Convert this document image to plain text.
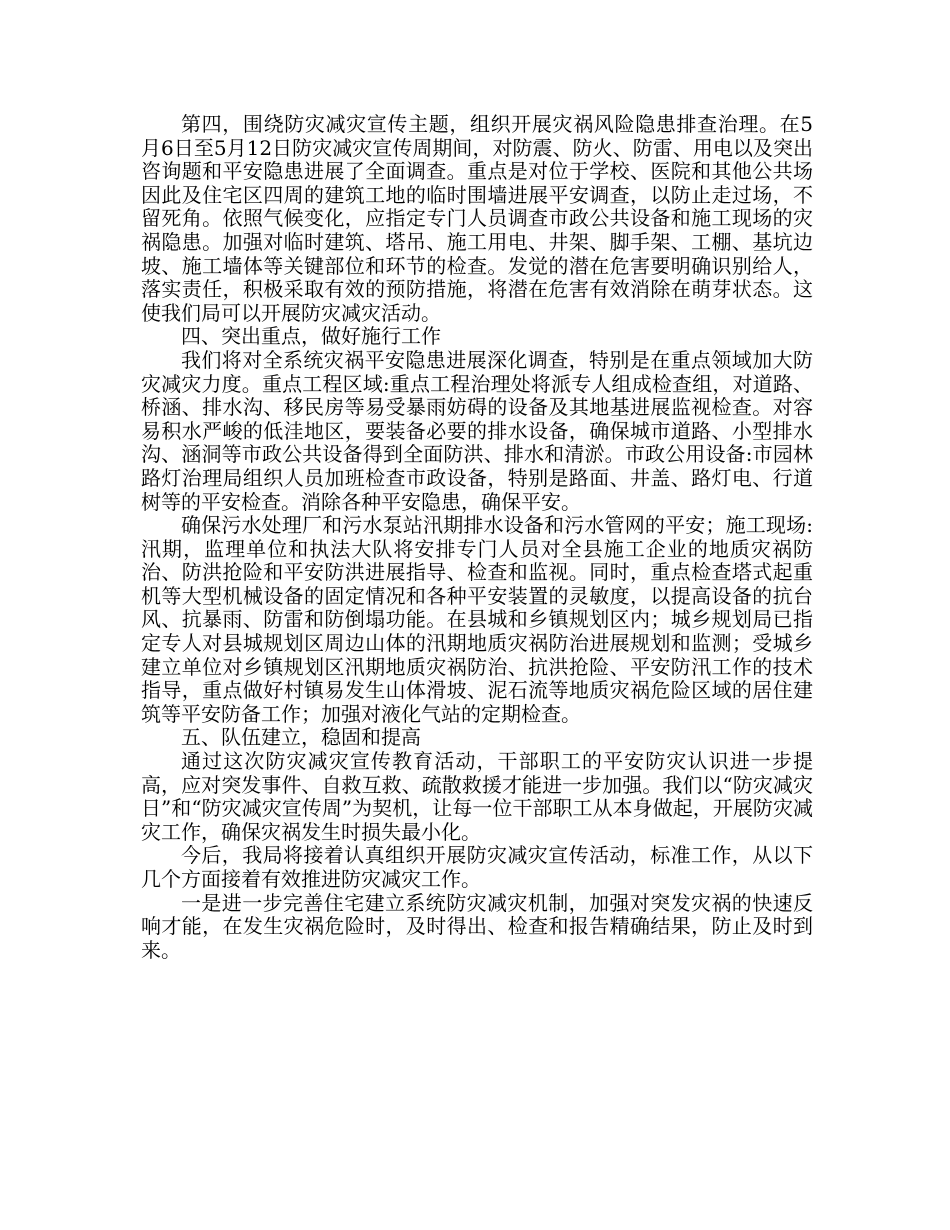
第四，围绕防灾减灾宣传主题，组织开展灾祸风险隐患排查治理。在5月6日至5月12日防灾减灾宣传周期间，对防震、防火、防雷、用电以及突出咨询题和平安隐患进展了全面调查。重点是对位于学校、医院和其他公共场因此及住宅区四周的建筑工地的临时围墙进展平安调查，以防止走过场，不留死角。依照气候变化，应指定专门人员调查市政公共设备和施工现场的灾祸隐患。加强对临时建筑、塔吊、施工用电、井架、脚手架、工棚、基坑边坡、施工墙体等关键部位和环节的检查。发觉的潜在危害要明确识别给人，落实责任，积极采取有效的预防措施，将潜在危害有效消除在萌芽状态。这使我们局可以开展防灾减灾活动。

四、突出重点，做好施行工作

我们将对全系统灾祸平安隐患进展深化调查，特别是在重点领域加大防灾减灾力度。重点工程区域:重点工程治理处将派专人组成检查组，对道路、桥涵、排水沟、移民房等易受暴雨妨碍的设备及其地基进展监视检查。对容易积水严峻的低洼地区，要装备必要的排水设备，确保城市道路、小型排水沟、涵洞等市政公共设备得到全面防洪、排水和清淤。市政公用设备:市园林路灯治理局组织人员加班检查市政设备，特别是路面、井盖、路灯电、行道树等的平安检查。消除各种平安隐患，确保平安。

确保污水处理厂和污水泵站汛期排水设备和污水管网的平安；施工现场:汛期，监理单位和执法大队将安排专门人员对全县施工企业的地质灾祸防治、防洪抢险和平安防洪进展指导、检查和监视。同时，重点检查塔式起重机等大型机械设备的固定情况和各种平安装置的灵敏度，以提高设备的抗台风、抗暴雨、防雷和防倒塌功能。在县城和乡镇规划区内；城乡规划局已指定专人对县城规划区周边山体的汛期地质灾祸防治进展规划和监测；受城乡建立单位对乡镇规划区汛期地质灾祸防治、抗洪抢险、平安防汛工作的技术指导，重点做好村镇易发生山体滑坡、泥石流等地质灾祸危险区域的居住建筑等平安防备工作；加强对液化气站的定期检查。

五、队伍建立，稳固和提高

通过这次防灾减灾宣传教育活动，干部职工的平安防灾认识进一步提高，应对突发事件、自救互救、疏散救援才能进一步加强。我们以“防灾减灾日”和“防灾减灾宣传周”为契机，让每一位干部职工从本身做起，开展防灾减灾工作，确保灾祸发生时损失最小化。

今后，我局将接着认真组织开展防灾减灾宣传活动，标准工作，从以下几个方面接着有效推进防灾减灾工作。

一是进一步完善住宅建立系统防灾减灾机制，加强对突发灾祸的快速反响才能，在发生灾祸危险时，及时得出、检查和报告精确结果，防止及时到来。
